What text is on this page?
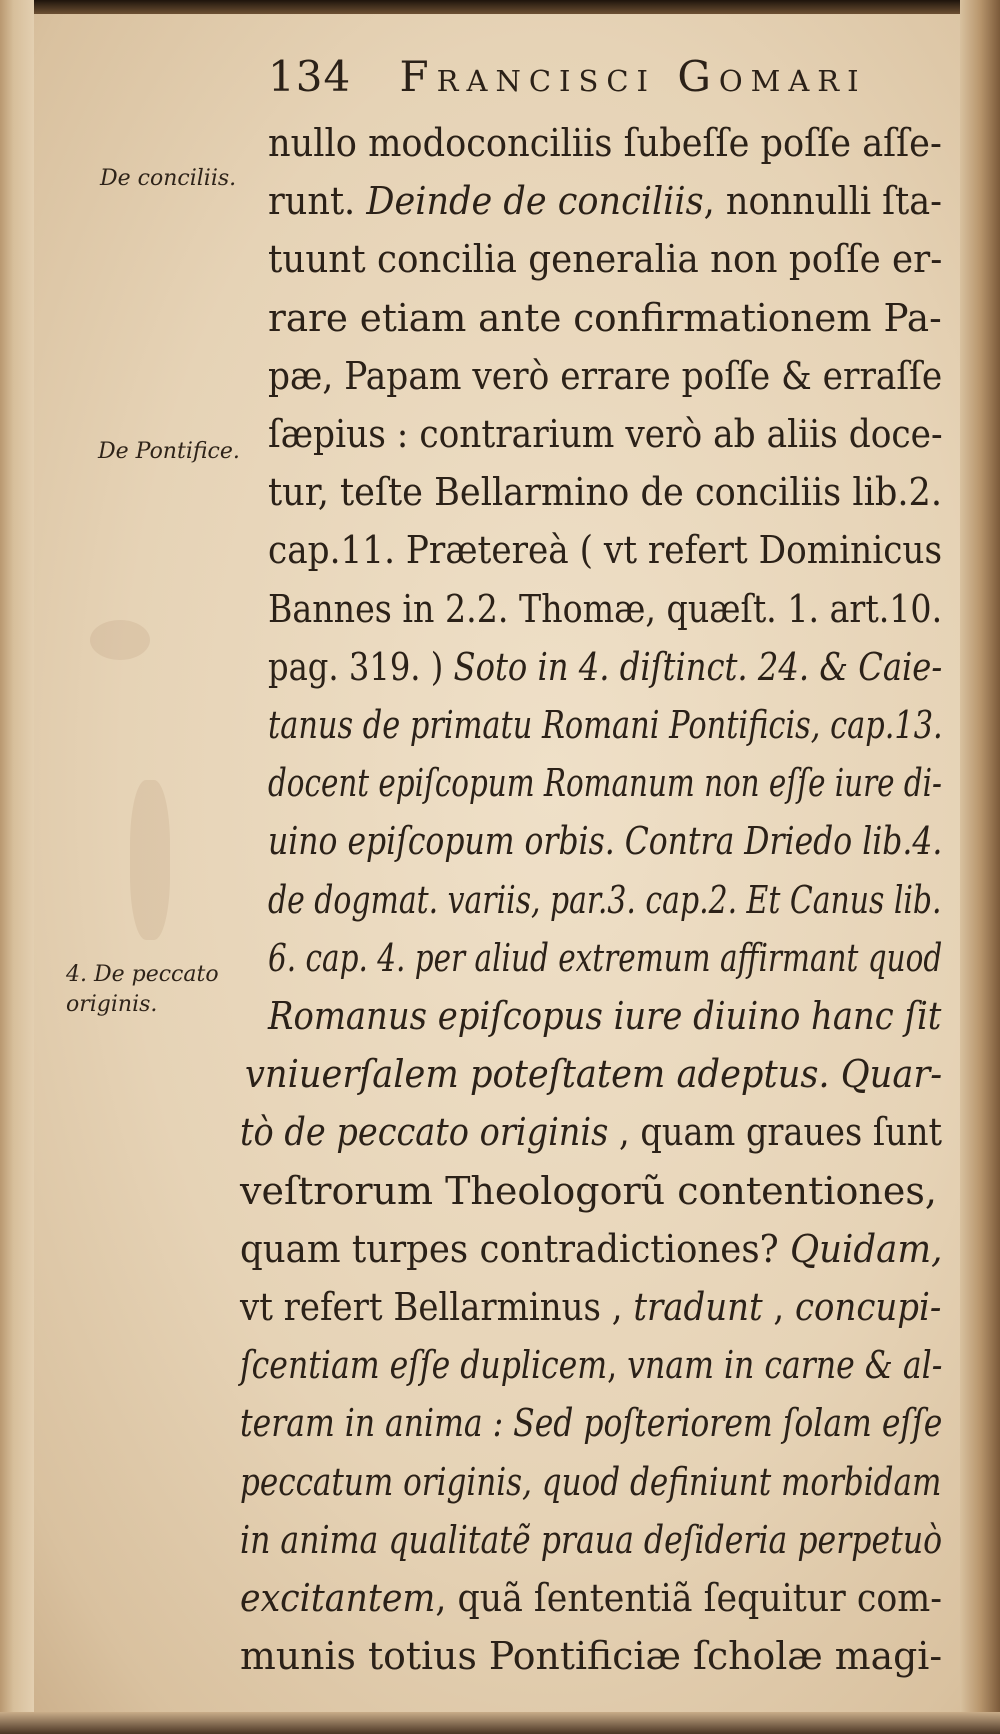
134 Francisci Gomari
De conciliis.
De Pontifice.
4. De peccato
originis.
nullo modoconciliis ſubeſſe poſſe aſſe-
runt. Deinde de conciliis, nonnulli ſta-
tuunt concilia generalia non poſſe er-
rare etiam ante confirmationem Pa-
pæ, Papam verò errare poſſe & erraſſe
ſæpius : contrarium verò ab aliis doce-
tur, teſte Bellarmino de conciliis lib.2.
cap.11. Prætereà ( vt refert Dominicus
Bannes in 2.2. Thomæ, quæſt. 1. art.10.
pag. 319. ) Soto in 4. diſtinct. 24. & Caie-
tanus de primatu Romani Pontificis, cap.13.
docent epiſcopum Romanum non eſſe iure di-
uino epiſcopum orbis. Contra Driedo lib.4.
de dogmat. variis, par.3. cap.2. Et Canus lib.
6. cap. 4. per aliud extremum affirmant quod
Romanus epiſcopus iure diuino hanc ſit
vniuerſalem poteſtatem adeptus. Quar-
tò de peccato originis , quam graues ſunt
veſtrorum Theologorũ contentiones,
quam turpes contradictiones? Quidam,
vt refert Bellarminus , tradunt , concupi-
ſcentiam eſſe duplicem, vnam in carne & al-
teram in anima : Sed poſteriorem ſolam eſſe
peccatum originis, quod definiunt morbidam
in anima qualitatẽ praua deſideria perpetuò
excitantem, quã ſententiã ſequitur com-
munis totius Pontificiæ ſcholæ magi-
